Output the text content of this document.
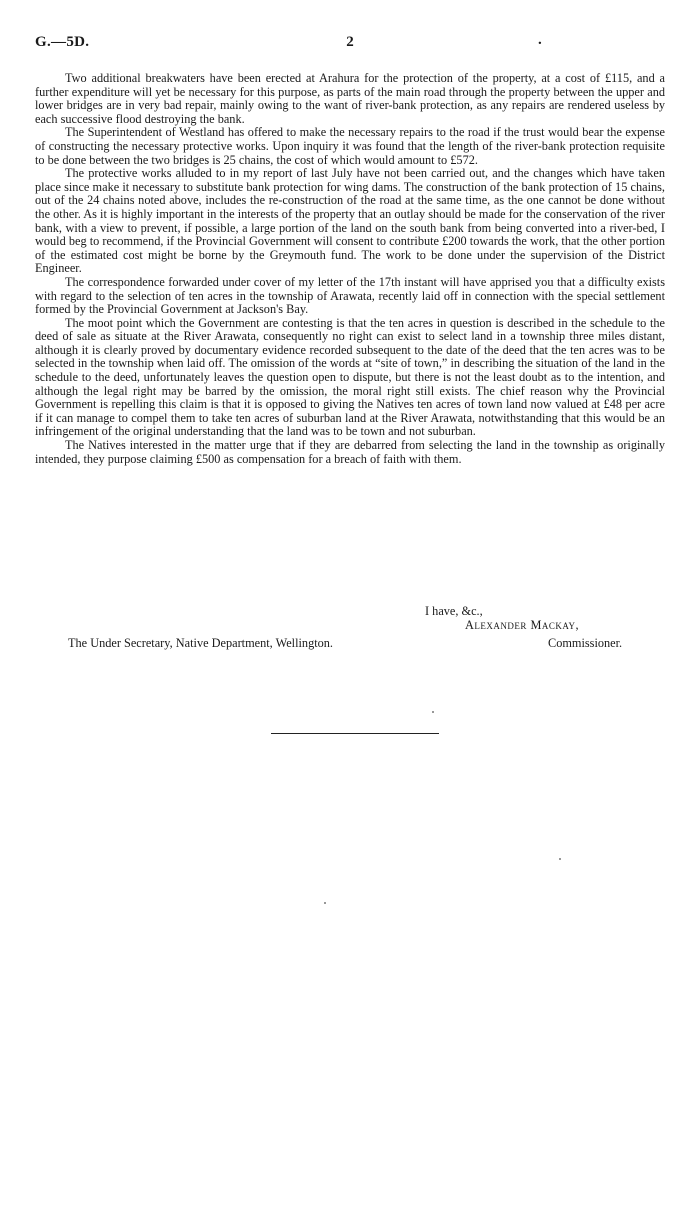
G.—5D.	2	.

Two additional breakwaters have been erected at Arahura for the protection of the property, at a cost of £115, and a further expenditure will yet be necessary for this purpose, as parts of the main road through the property between the upper and lower bridges are in very bad repair, mainly owing to the want of river-bank protection, as any repairs are rendered useless by each successive flood destroying the bank.

The Superintendent of Westland has offered to make the necessary repairs to the road if the trust would bear the expense of constructing the necessary protective works. Upon inquiry it was found that the length of the river-bank protection requisite to be done between the two bridges is 25 chains, the cost of which would amount to £572.

The protective works alluded to in my report of last July have not been carried out, and the changes which have taken place since make it necessary to substitute bank protection for wing dams. The construction of the bank protection of 15 chains, out of the 24 chains noted above, includes the re-construction of the road at the same time, as the one cannot be done without the other. As it is highly important in the interests of the property that an outlay should be made for the conservation of the river bank, with a view to prevent, if possible, a large portion of the land on the south bank from being converted into a river-bed, I would beg to recommend, if the Provincial Government will consent to contribute £200 towards the work, that the other portion of the estimated cost might be borne by the Greymouth fund. The work to be done under the supervision of the District Engineer.

The correspondence forwarded under cover of my letter of the 17th instant will have apprised you that a difficulty exists with regard to the selection of ten acres in the township of Arawata, recently laid off in connection with the special settlement formed by the Provincial Government at Jackson's Bay.

The moot point which the Government are contesting is that the ten acres in question is described in the schedule to the deed of sale as situate at the River Arawata, consequently no right can exist to select land in a township three miles distant, although it is clearly proved by documentary evidence recorded subsequent to the date of the deed that the ten acres was to be selected in the township when laid off. The omission of the words at “site of town,” in describing the situation of the land in the schedule to the deed, unfortunately leaves the question open to dispute, but there is not the least doubt as to the intention, and although the legal right may be barred by the omission, the moral right still exists. The chief reason why the Provincial Government is repelling this claim is that it is opposed to giving the Natives ten acres of town land now valued at £48 per acre if it can manage to compel them to take ten acres of suburban land at the River Arawata, notwithstanding that this would be an infringement of the original understanding that the land was to be town and not suburban.

The Natives interested in the matter urge that if they are debarred from selecting the land in the township as originally intended, they purpose claiming £500 as compensation for a breach of faith with them.

I have, &c.,
Alexander Mackay,
The Under Secretary, Native Department, Wellington.	Commissioner.
